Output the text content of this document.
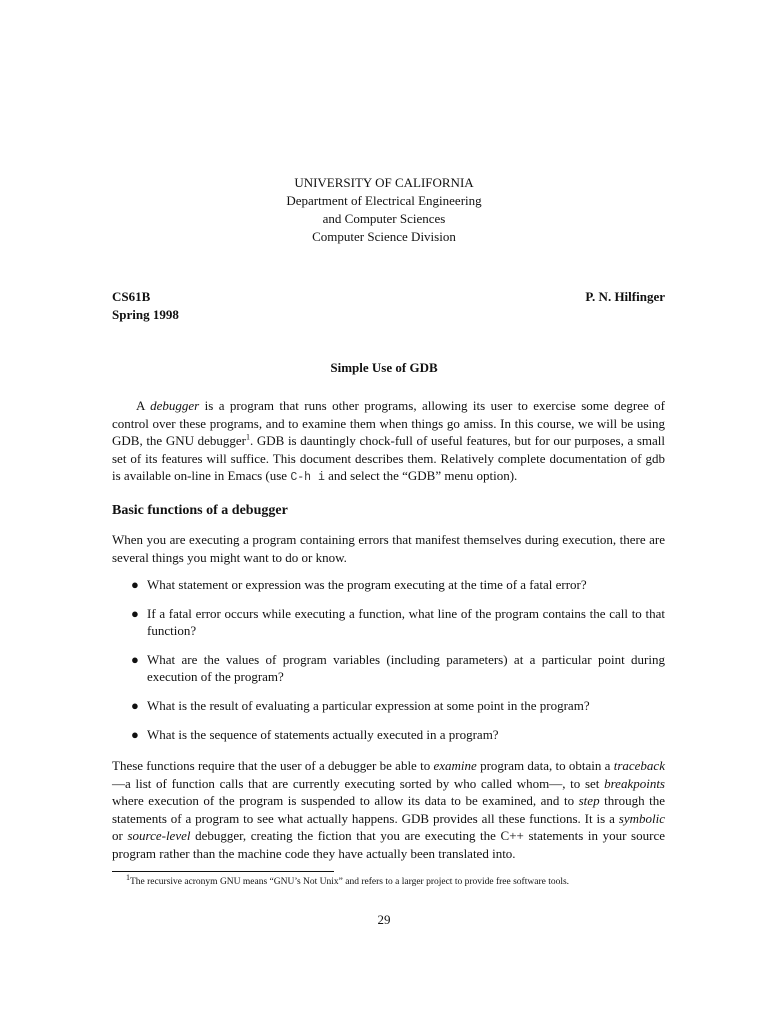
UNIVERSITY OF CALIFORNIA
Department of Electrical Engineering
and Computer Sciences
Computer Science Division
CS61B
Spring 1998
P. N. Hilfinger
Simple Use of GDB
A debugger is a program that runs other programs, allowing its user to exercise some degree of control over these programs, and to examine them when things go amiss. In this course, we will be using GDB, the GNU debugger$^1$. GDB is dauntingly chock-full of useful features, but for our purposes, a small set of its features will suffice. This document describes them. Relatively complete documentation of gdb is available on-line in Emacs (use C-h i and select the “GDB” menu option).
Basic functions of a debugger
When you are executing a program containing errors that manifest themselves during execution, there are several things you might want to do or know.
● What statement or expression was the program executing at the time of a fatal error?
● If a fatal error occurs while executing a function, what line of the program contains the call to that function?
● What are the values of program variables (including parameters) at a particular point during execution of the program?
● What is the result of evaluating a particular expression at some point in the program?
● What is the sequence of statements actually executed in a program?
These functions require that the user of a debugger be able to examine program data, to obtain a traceback—a list of function calls that are currently executing sorted by who called whom—, to set breakpoints where execution of the program is suspended to allow its data to be examined, and to step through the statements of a program to see what actually happens. GDB provides all these functions. It is a symbolic or source-level debugger, creating the fiction that you are executing the C++ statements in your source program rather than the machine code they have actually been translated into.
$^1$The recursive acronym GNU means “GNU’s Not Unix” and refers to a larger project to provide free software tools.
29
